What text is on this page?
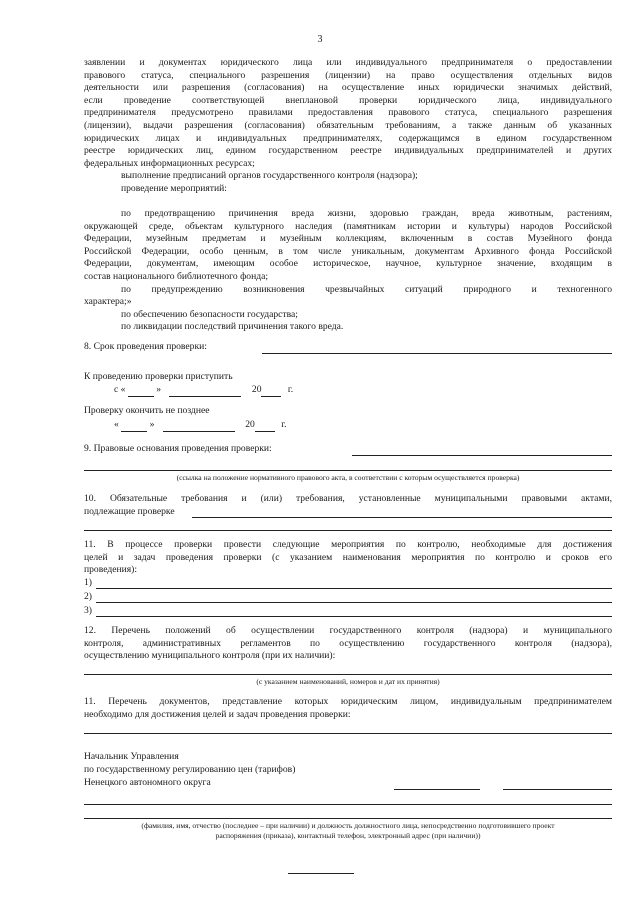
3
заявлении и документах юридического лица или индивидуального предпринимателя о предоставлении
правового статуса, специального разрешения (лицензии) на право осуществления отдельных видов
деятельности или разрешения (согласования) на осуществление иных юридически значимых действий,
если проведение соответствующей внеплановой проверки юридического лица, индивидуального
предпринимателя предусмотрено правилами предоставления правового статуса, специального разрешения
(лицензии), выдачи разрешения (согласования) обязательным требованиям, а также данным об указанных
юридических лицах и индивидуальных предпринимателях, содержащимся в едином государственном
реестре юридических лиц, едином государственном реестре индивидуальных предпринимателей и других
федеральных информационных ресурсах;
выполнение предписаний органов государственного контроля (надзора);
проведение мероприятий:
по предотвращению причинения вреда жизни, здоровью граждан, вреда животным, растениям,
окружающей среде, объектам культурного наследия (памятникам истории и культуры) народов Российской
Федерации, музейным предметам и музейным коллекциям, включенным в состав Музейного фонда
Российской Федерации, особо ценным, в том числе уникальным, документам Архивного фонда Российской
Федерации, документам, имеющим особое историческое, научное, культурное значение, входящим в
состав национального библиотечного фонда;
по предупреждению возникновения чрезвычайных ситуаций природного и техногенного
характера;»
по обеспечению безопасности государства;
по ликвидации последствий причинения такого вреда.
8. Срок проведения проверки:
К проведению проверки приступить
с «	»	20	г.
Проверку окончить не позднее
«	»	20	г.
9. Правовые основания проведения проверки:
(ссылка на положение нормативного правового акта, в соответствии с которым осуществляется проверка)
10. Обязательные требования и (или) требования, установленные муниципальными правовыми актами,
подлежащие проверке
11. В процессе проверки провести следующие мероприятия по контролю, необходимые для достижения
целей и задач проведения проверки (с указанием наименования мероприятия по контролю и сроков его
проведения):
1)
2)
3)
12. Перечень положений об осуществлении государственного контроля (надзора) и муниципального
контроля, административных регламентов по осуществлению государственного контроля (надзора),
осуществлению муниципального контроля (при их наличии):
(с указанием наименований, номеров и дат их принятия)
11. Перечень документов, представление которых юридическим лицом, индивидуальным предпринимателем
необходимо для достижения целей и задач проведения проверки:
Начальник Управления
по государственному регулированию цен (тарифов)
Ненецкого автономного округа
(фамилия, имя, отчество (последнее – при наличии) и должность должностного лица, непосредственно подготовившего проект
распоряжения (приказа), контактный телефон, электронный адрес (при наличии))
